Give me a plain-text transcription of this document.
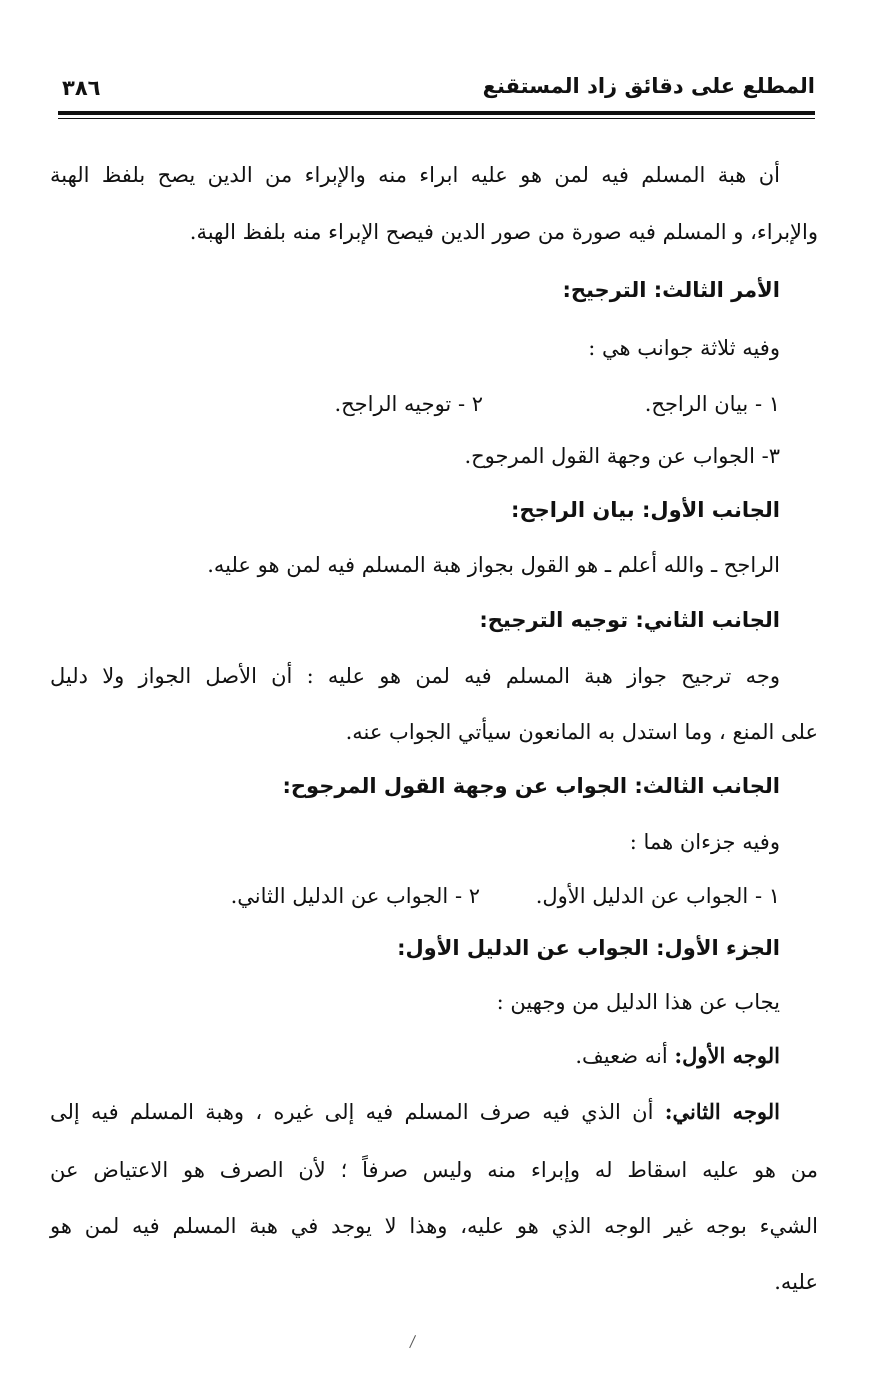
المطلع على دقائق زاد المستقنع
٣٨٦
أن هبة المسلم فيه لمن هو عليه ابراء منه والإبراء من الدين يصح بلفظ الهبة
والإبراء، و المسلم فيه صورة من صور الدين فيصح الإبراء منه بلفظ الهبة.
الأمر الثالث: الترجيح:
وفيه ثلاثة جوانب هي :
١ - بيان الراجح.
٢ - توجيه الراجح.
٣- الجواب عن وجهة القول المرجوح.
الجانب الأول: بيان الراجح:
الراجح ـ والله أعلم ـ هو القول بجواز هبة المسلم فيه لمن هو عليه.
الجانب الثاني: توجيه الترجيح:
وجه ترجيح جواز هبة المسلم فيه لمن هو عليه : أن الأصل الجواز ولا دليل
على المنع ، وما استدل به المانعون سيأتي الجواب عنه.
الجانب الثالث: الجواب عن وجهة القول المرجوح:
وفيه جزءان هما :
١ - الجواب عن الدليل الأول.
٢ - الجواب عن الدليل الثاني.
الجزء الأول: الجواب عن الدليل الأول:
يجاب عن هذا الدليل من وجهين :
الوجه الأول: أنه ضعيف.
الوجه الثاني: أن الذي فيه صرف المسلم فيه إلى غيره ، وهبة المسلم فيه إلى
من هو عليه اسقاط له وإبراء منه وليس صرفاً ؛ لأن الصرف هو الاعتياض عن
الشيء بوجه غير الوجه الذي هو عليه، وهذا لا يوجد في هبة المسلم فيه لمن هو
عليه.
